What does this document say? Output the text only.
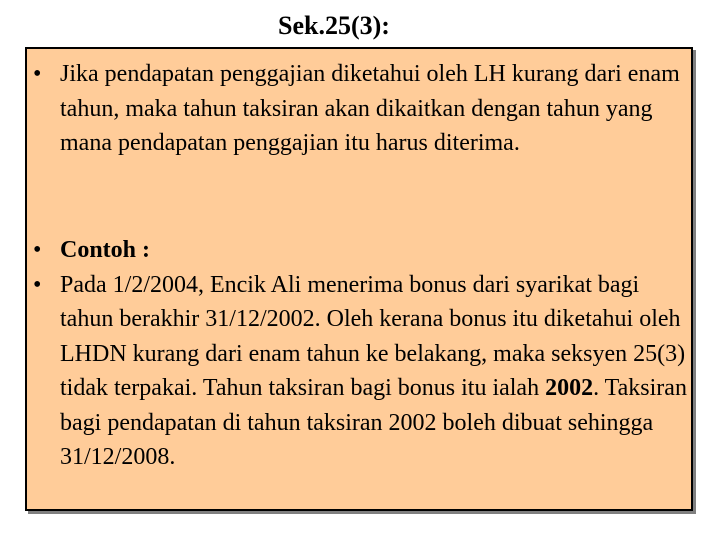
Sek.25(3):
• Jika pendapatan penggajian diketahui oleh LH kurang dari enam tahun, maka tahun taksiran akan dikaitkan dengan tahun yang mana pendapatan penggajian itu harus diterima.
• Contoh :
• Pada 1/2/2004, Encik Ali menerima bonus dari syarikat bagi tahun berakhir 31/12/2002. Oleh kerana bonus itu diketahui oleh LHDN kurang dari enam tahun ke belakang, maka seksyen 25(3) tidak terpakai. Tahun taksiran bagi bonus itu ialah 2002. Taksiran bagi pendapatan di tahun taksiran 2002 boleh dibuat sehingga 31/12/2008.
